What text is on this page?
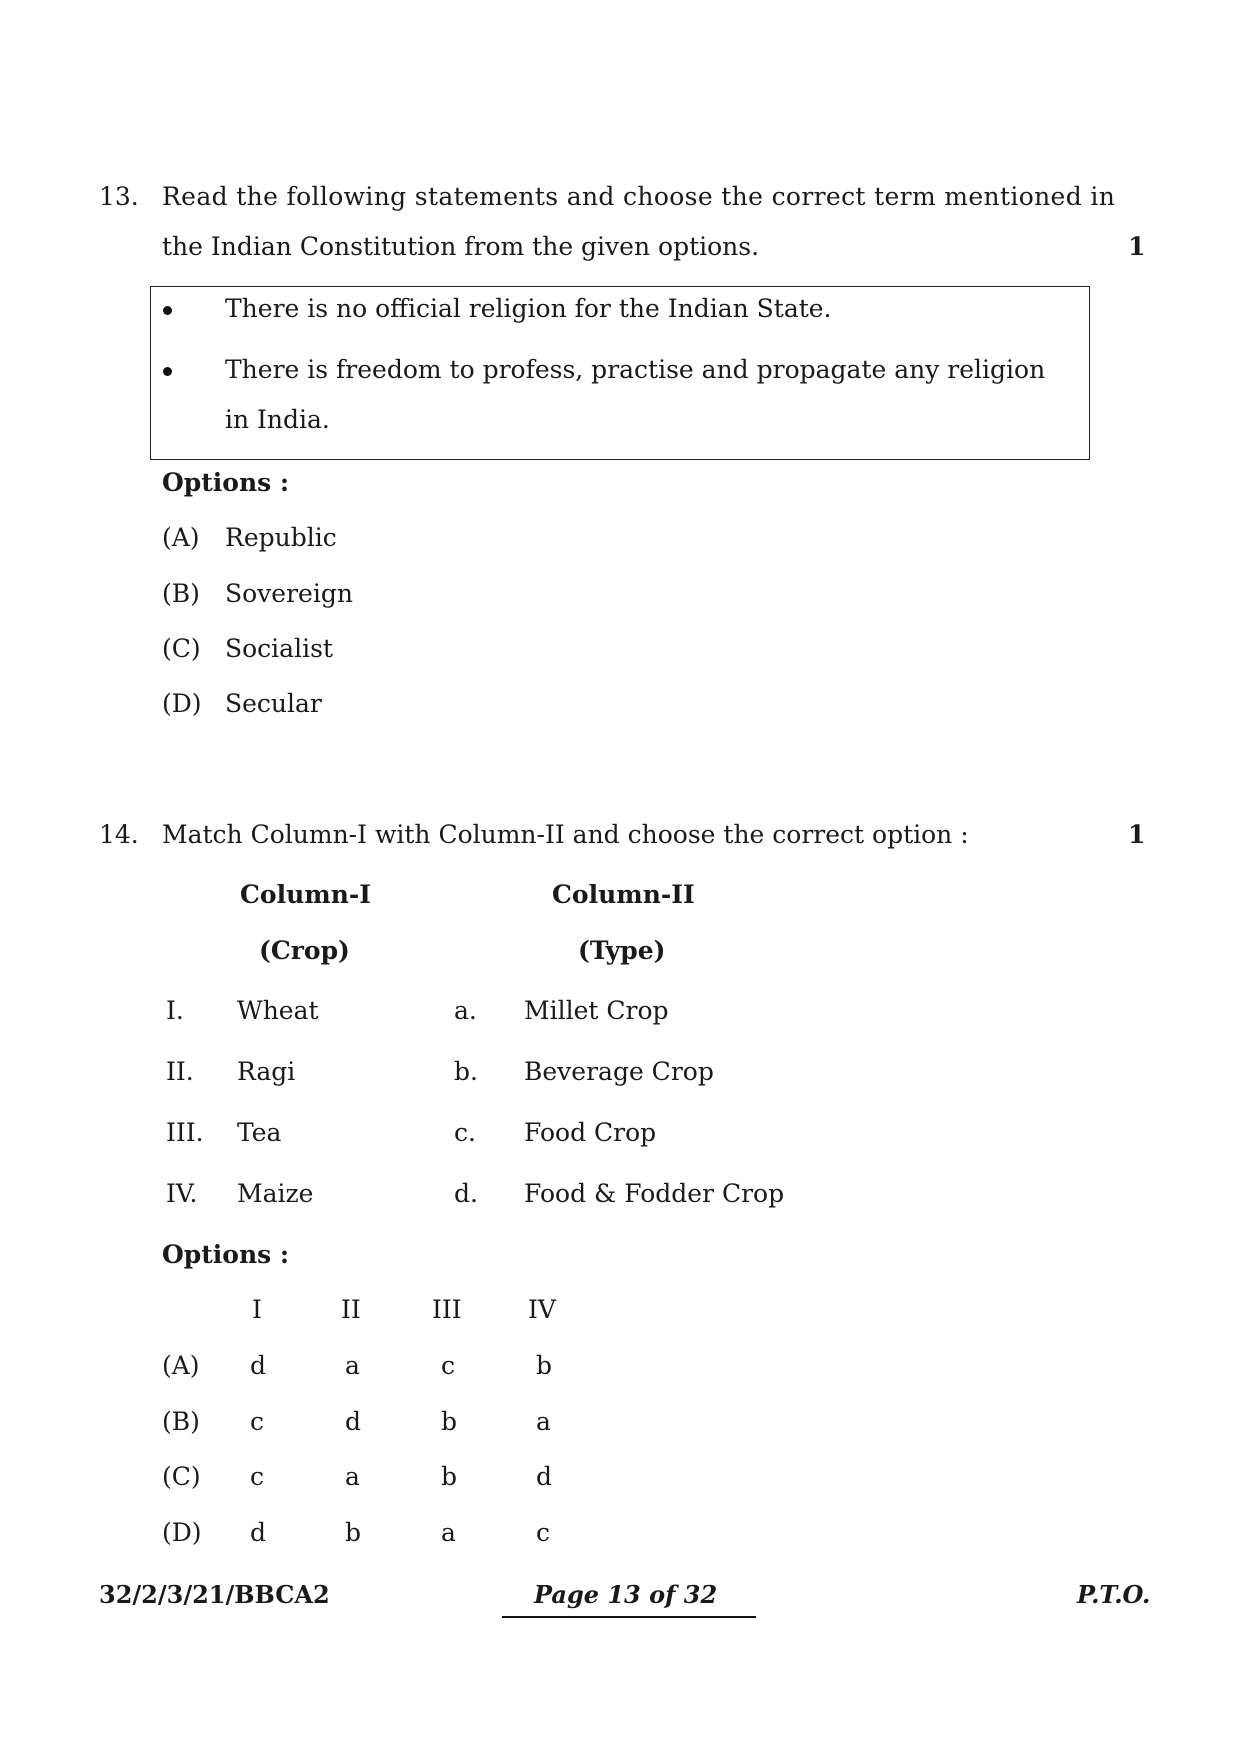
13. Read the following statements and choose the correct term mentioned in
the Indian Constitution from the given options.	1
There is no official religion for the Indian State.
There is freedom to profess, practise and propagate any religion
in India.
Options :
(A) Republic
(B) Sovereign
(C) Socialist
(D) Secular
14. Match Column-I with Column-II and choose the correct option :	1
Column-I	Column-II
(Crop)	(Type)
I. Wheat	a. Millet Crop
II. Ragi	b. Beverage Crop
III. Tea	c. Food Crop
IV. Maize	d. Food & Fodder Crop
Options :
I	II	III	IV
(A) d	a	c	b
(B) c	d	b	a
(C) c	a	b	d
(D) d	b	a	c
32/2/3/21/BBCA2	Page 13 of 32	P.T.O.
